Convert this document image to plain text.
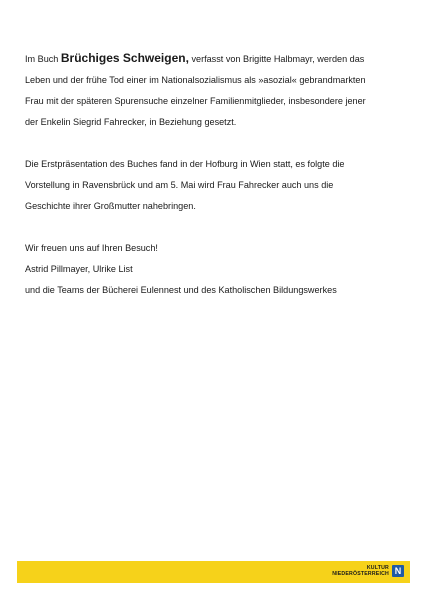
Im Buch Brüchiges Schweigen, verfasst von Brigitte Halbmayr, werden das
Leben und der frühe Tod einer im Nationalsozialismus als »asozial« gebrandmarkten
Frau mit der späteren Spurensuche einzelner Familienmitglieder, insbesondere jener
der Enkelin Siegrid Fahrecker, in Beziehung gesetzt.
Die Erstpräsentation des Buches fand in der Hofburg in Wien statt, es folgte die
Vorstellung in Ravensbrück und am 5. Mai wird Frau Fahrecker auch uns die
Geschichte ihrer Großmutter nahebringen.
Wir freuen uns auf Ihren Besuch!
Astrid Pillmayer, Ulrike List
und die Teams der Bücherei Eulennest und des Katholischen Bildungswerkes
KULTUR
NIEDERÖSTERREICH N
